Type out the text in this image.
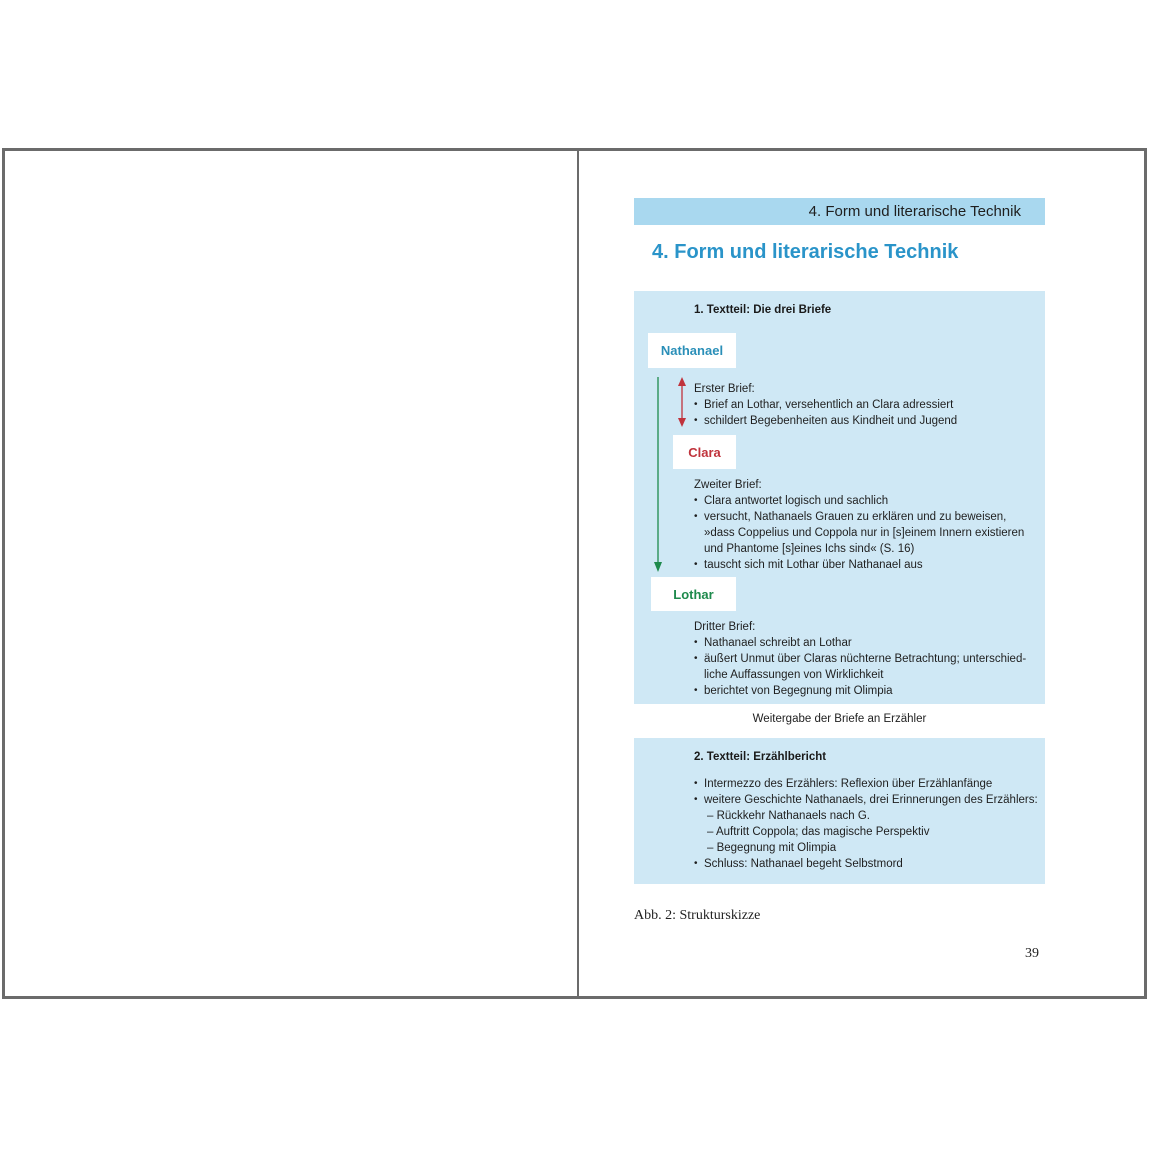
4. Form und literarische Technik
4. Form und literarische Technik
1. Textteil: Die drei Briefe
Nathanael
Erster Brief:
• Brief an Lothar, versehentlich an Clara adressiert
• schildert Begebenheiten aus Kindheit und Jugend
Clara
Zweiter Brief:
• Clara antwortet logisch und sachlich
• versucht, Nathanaels Grauen zu erklären und zu beweisen, »dass Coppelius und Coppola nur in [s]einem Innern existieren und Phantome [s]eines Ichs sind« (S. 16)
• tauscht sich mit Lothar über Nathanael aus
Lothar
Dritter Brief:
• Nathanael schreibt an Lothar
• äußert Unmut über Claras nüchterne Betrachtung; unterschied-liche Auffassungen von Wirklichkeit
• berichtet von Begegnung mit Olimpia
Weitergabe der Briefe an Erzähler
2. Textteil: Erzählbericht
• Intermezzo des Erzählers: Reflexion über Erzählanfänge
• weitere Geschichte Nathanaels, drei Erinnerungen des Erzählers:
– Rückkehr Nathanaels nach G.
– Auftritt Coppola; das magische Perspektiv
– Begegnung mit Olimpia
• Schluss: Nathanael begeht Selbstmord
Abb. 2: Strukturskizze
39
